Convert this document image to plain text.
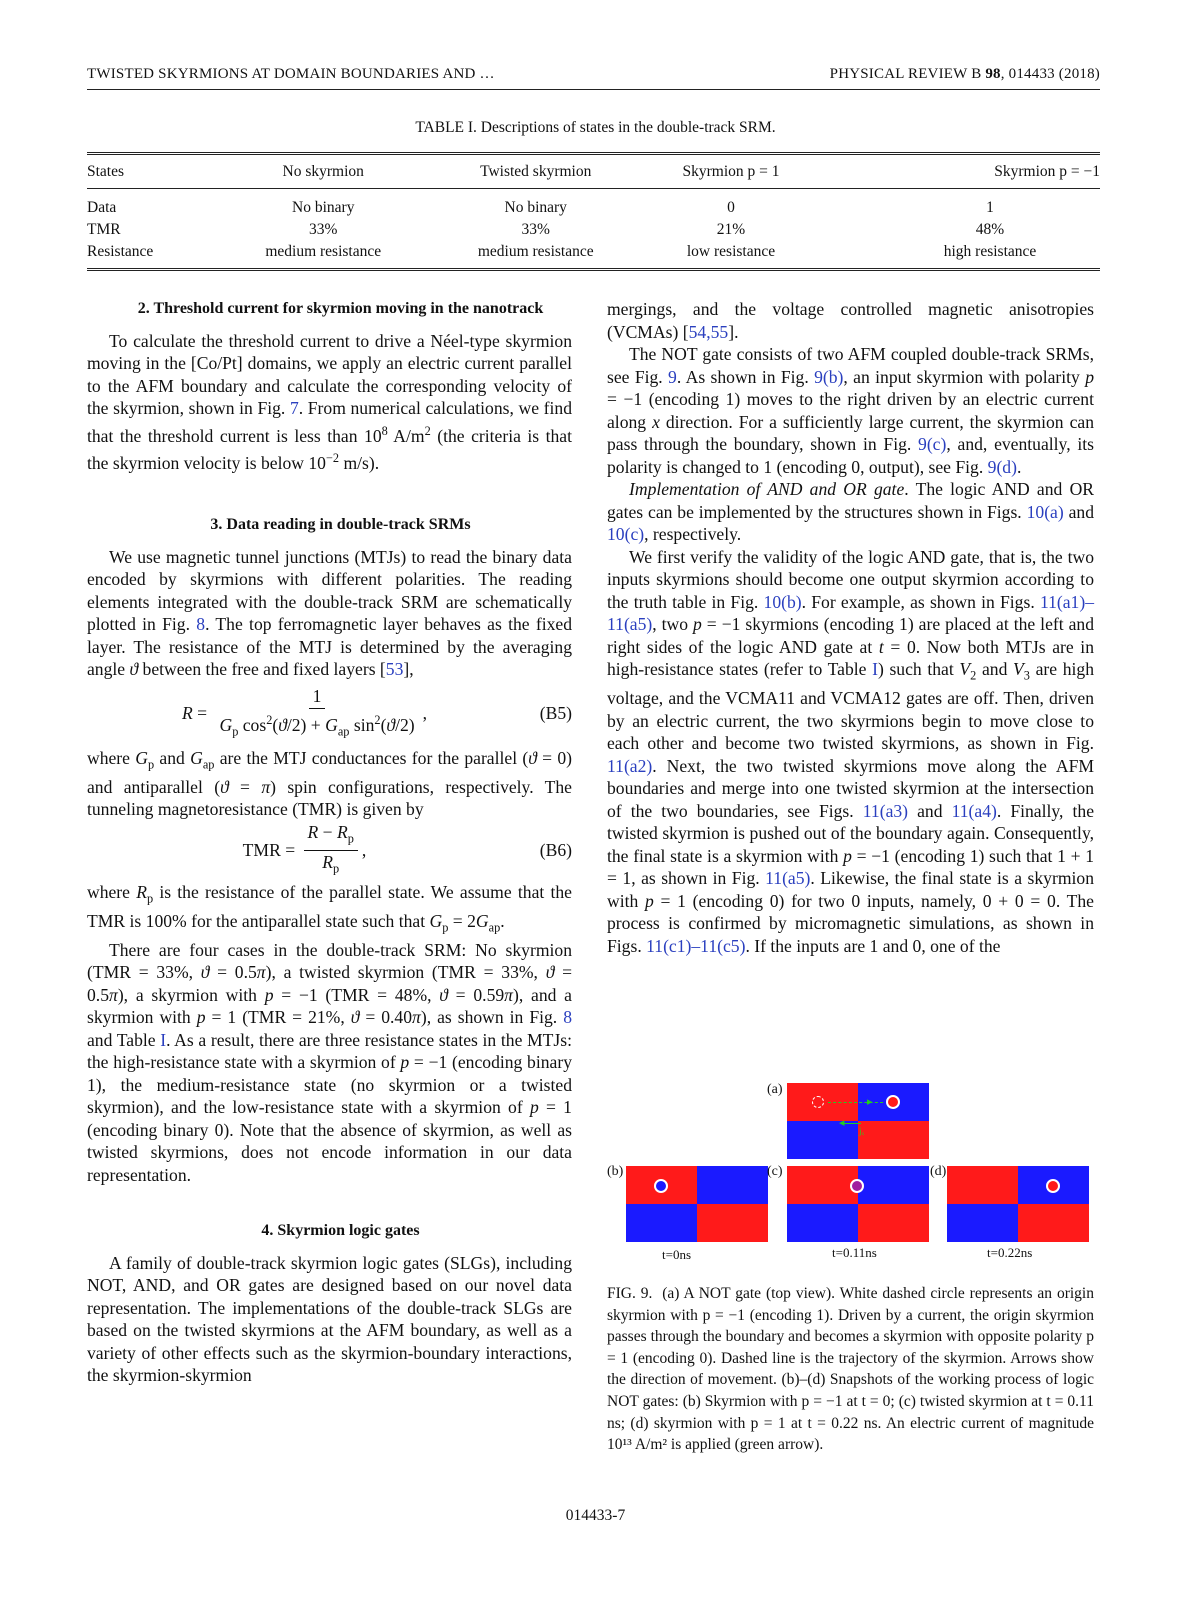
TWISTED SKYRMIONS AT DOMAIN BOUNDARIES AND …	PHYSICAL REVIEW B 98, 014433 (2018)
TABLE I. Descriptions of states in the double-track SRM.
States	No skyrmion	Twisted skyrmion	Skyrmion p = 1	Skyrmion p = −1
Data	No binary	No binary	0	1
TMR	33%	33%	21%	48%
Resistance	medium resistance	medium resistance	low resistance	high resistance

2. Threshold current for skyrmion moving in the nanotrack

To calculate the threshold current to drive a Néel-type skyrmion moving in the [Co/Pt] domains, we apply an electric current parallel to the AFM boundary and calculate the corresponding velocity of the skyrmion, shown in Fig. 7. From numerical calculations, we find that the threshold current is less than $10^8$ $A/m^2$ (the criteria is that the skyrmion velocity is below $10^{-2}$ m/s).

3. Data reading in double-track SRMs

We use magnetic tunnel junctions (MTJs) to read the binary data encoded by skyrmions with different polarities. The reading elements integrated with the double-track SRM are schematically plotted in Fig. 8. The top ferromagnetic layer behaves as the fixed layer. The resistance of the MTJ is determined by the averaging angle ϑ between the free and fixed layers [53],

$R = \frac{1}{G_p \cos^2(ϑ/2) + G_{ap} \sin^2(ϑ/2)}$ ,	(B5)

where $G_p$ and $G_{ap}$ are the MTJ conductances for the parallel (ϑ = 0) and antiparallel (ϑ = π) spin configurations, respectively. The tunneling magnetoresistance (TMR) is given by

TMR = $\frac{R - R_p}{R_p}$ ,	(B6)

where $R_p$ is the resistance of the parallel state. We assume that the TMR is 100% for the antiparallel state such that $G_p = 2G_{ap}$.

There are four cases in the double-track SRM: No skyrmion (TMR = 33%, ϑ = 0.5π), a twisted skyrmion (TMR = 33%, ϑ = 0.5π), a skyrmion with p = −1 (TMR = 48%, ϑ = 0.59π), and a skyrmion with p = 1 (TMR = 21%, ϑ = 0.40π), as shown in Fig. 8 and Table I. As a result, there are three resistance states in the MTJs: the high-resistance state with a skyrmion of p = −1 (encoding binary 1), the medium-resistance state (no skyrmion or a twisted skyrmion), and the low-resistance state with a skyrmion of p = 1 (encoding binary 0). Note that the absence of skyrmion, as well as twisted skyrmions, does not encode information in our data representation.

4. Skyrmion logic gates

A family of double-track skyrmion logic gates (SLGs), including NOT, AND, and OR gates are designed based on our novel data representation. The implementations of the double-track SLGs are based on the twisted skyrmions at the AFM boundary, as well as a variety of other effects such as the skyrmion-boundary interactions, the skyrmion-skyrmion

mergings, and the voltage controlled magnetic anisotropies (VCMAs) [54,55].

The NOT gate consists of two AFM coupled double-track SRMs, see Fig. 9. As shown in Fig. 9(b), an input skyrmion with polarity p = −1 (encoding 1) moves to the right driven by an electric current along x direction. For a sufficiently large current, the skyrmion can pass through the boundary, shown in Fig. 9(c), and, eventually, its polarity is changed to 1 (encoding 0, output), see Fig. 9(d).

Implementation of AND and OR gate. The logic AND and OR gates can be implemented by the structures shown in Figs. 10(a) and 10(c), respectively.

We first verify the validity of the logic AND gate, that is, the two inputs skyrmions should become one output skyrmion according to the truth table in Fig. 10(b). For example, as shown in Figs. 11(a1)–11(a5), two p = −1 skyrmions (encoding 1) are placed at the left and right sides of the logic AND gate at t = 0. Now both MTJs are in high-resistance states (refer to Table I) such that $V_2$ and $V_3$ are high voltage, and the VCMA11 and VCMA12 gates are off. Then, driven by an electric current, the two skyrmions begin to move close to each other and become two twisted skyrmions, as shown in Fig. 11(a2). Next, the two twisted skyrmions move along the AFM boundaries and merge into one twisted skyrmion at the intersection of the two boundaries, see Figs. 11(a3) and 11(a4). Finally, the twisted skyrmion is pushed out of the boundary again. Consequently, the final state is a skyrmion with p = −1 (encoding 1) such that 1 + 1 = 1, as shown in Fig. 11(a5). Likewise, the final state is a skyrmion with p = 1 (encoding 0) for two 0 inputs, namely, 0 + 0 = 0. The process is confirmed by micromagnetic simulations, as shown in Figs. 11(c1)–11(c5). If the inputs are 1 and 0, one of the

(a)
▸
◂
jₓ
(b)
t=0ns
(c)
t=0.11ns
(d)
t=0.22ns
FIG. 9. (a) A NOT gate (top view). White dashed circle represents an origin skyrmion with p = −1 (encoding 1). Driven by a current, the origin skyrmion passes through the boundary and becomes a skyrmion with opposite polarity p = 1 (encoding 0). Dashed line is the trajectory of the skyrmion. Arrows show the direction of movement. (b)–(d) Snapshots of the working process of logic NOT gates: (b) Skyrmion with p = −1 at t = 0; (c) twisted skyrmion at t = 0.11 ns; (d) skyrmion with p = 1 at t = 0.22 ns. An electric current of magnitude 10¹³ A/m² is applied (green arrow).
014433-7
